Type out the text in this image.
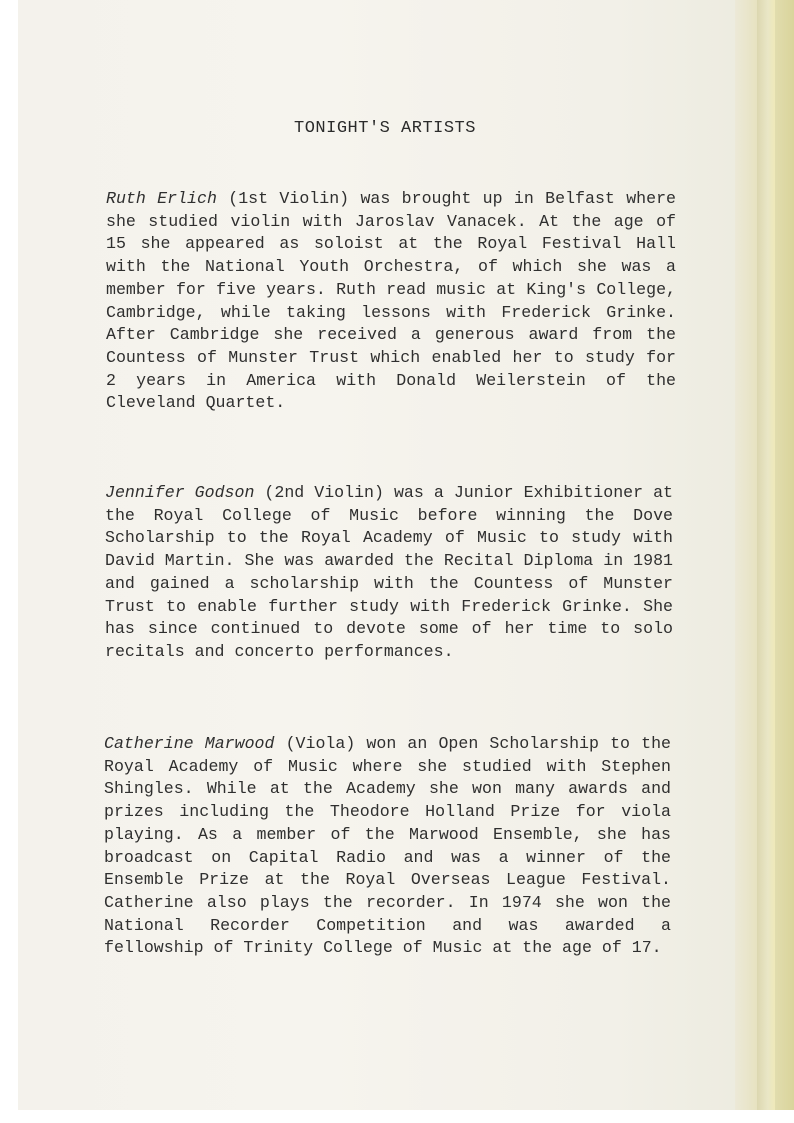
TONIGHT'S ARTISTS
Ruth Erlich (1st Violin) was brought up in Belfast where she studied violin with Jaroslav Vanacek. At the age of 15 she appeared as soloist at the Royal Festival Hall with the National Youth Orchestra, of which she was a member for five years. Ruth read music at King's College, Cambridge, while taking lessons with Frederick Grinke. After Cambridge she received a generous award from the Countess of Munster Trust which enabled her to study for 2 years in America with Donald Weilerstein of the Cleveland Quartet.
Jennifer Godson (2nd Violin) was a Junior Exhibitioner at the Royal College of Music before winning the Dove Scholarship to the Royal Academy of Music to study with David Martin. She was awarded the Recital Diploma in 1981 and gained a scholarship with the Countess of Munster Trust to enable further study with Frederick Grinke. She has since continued to devote some of her time to solo recitals and concerto performances.
Catherine Marwood (Viola) won an Open Scholarship to the Royal Academy of Music where she studied with Stephen Shingles. While at the Academy she won many awards and prizes including the Theodore Holland Prize for viola playing. As a member of the Marwood Ensemble, she has broadcast on Capital Radio and was a winner of the Ensemble Prize at the Royal Overseas League Festival. Catherine also plays the recorder. In 1974 she won the National Recorder Competition and was awarded a fellowship of Trinity College of Music at the age of 17.
